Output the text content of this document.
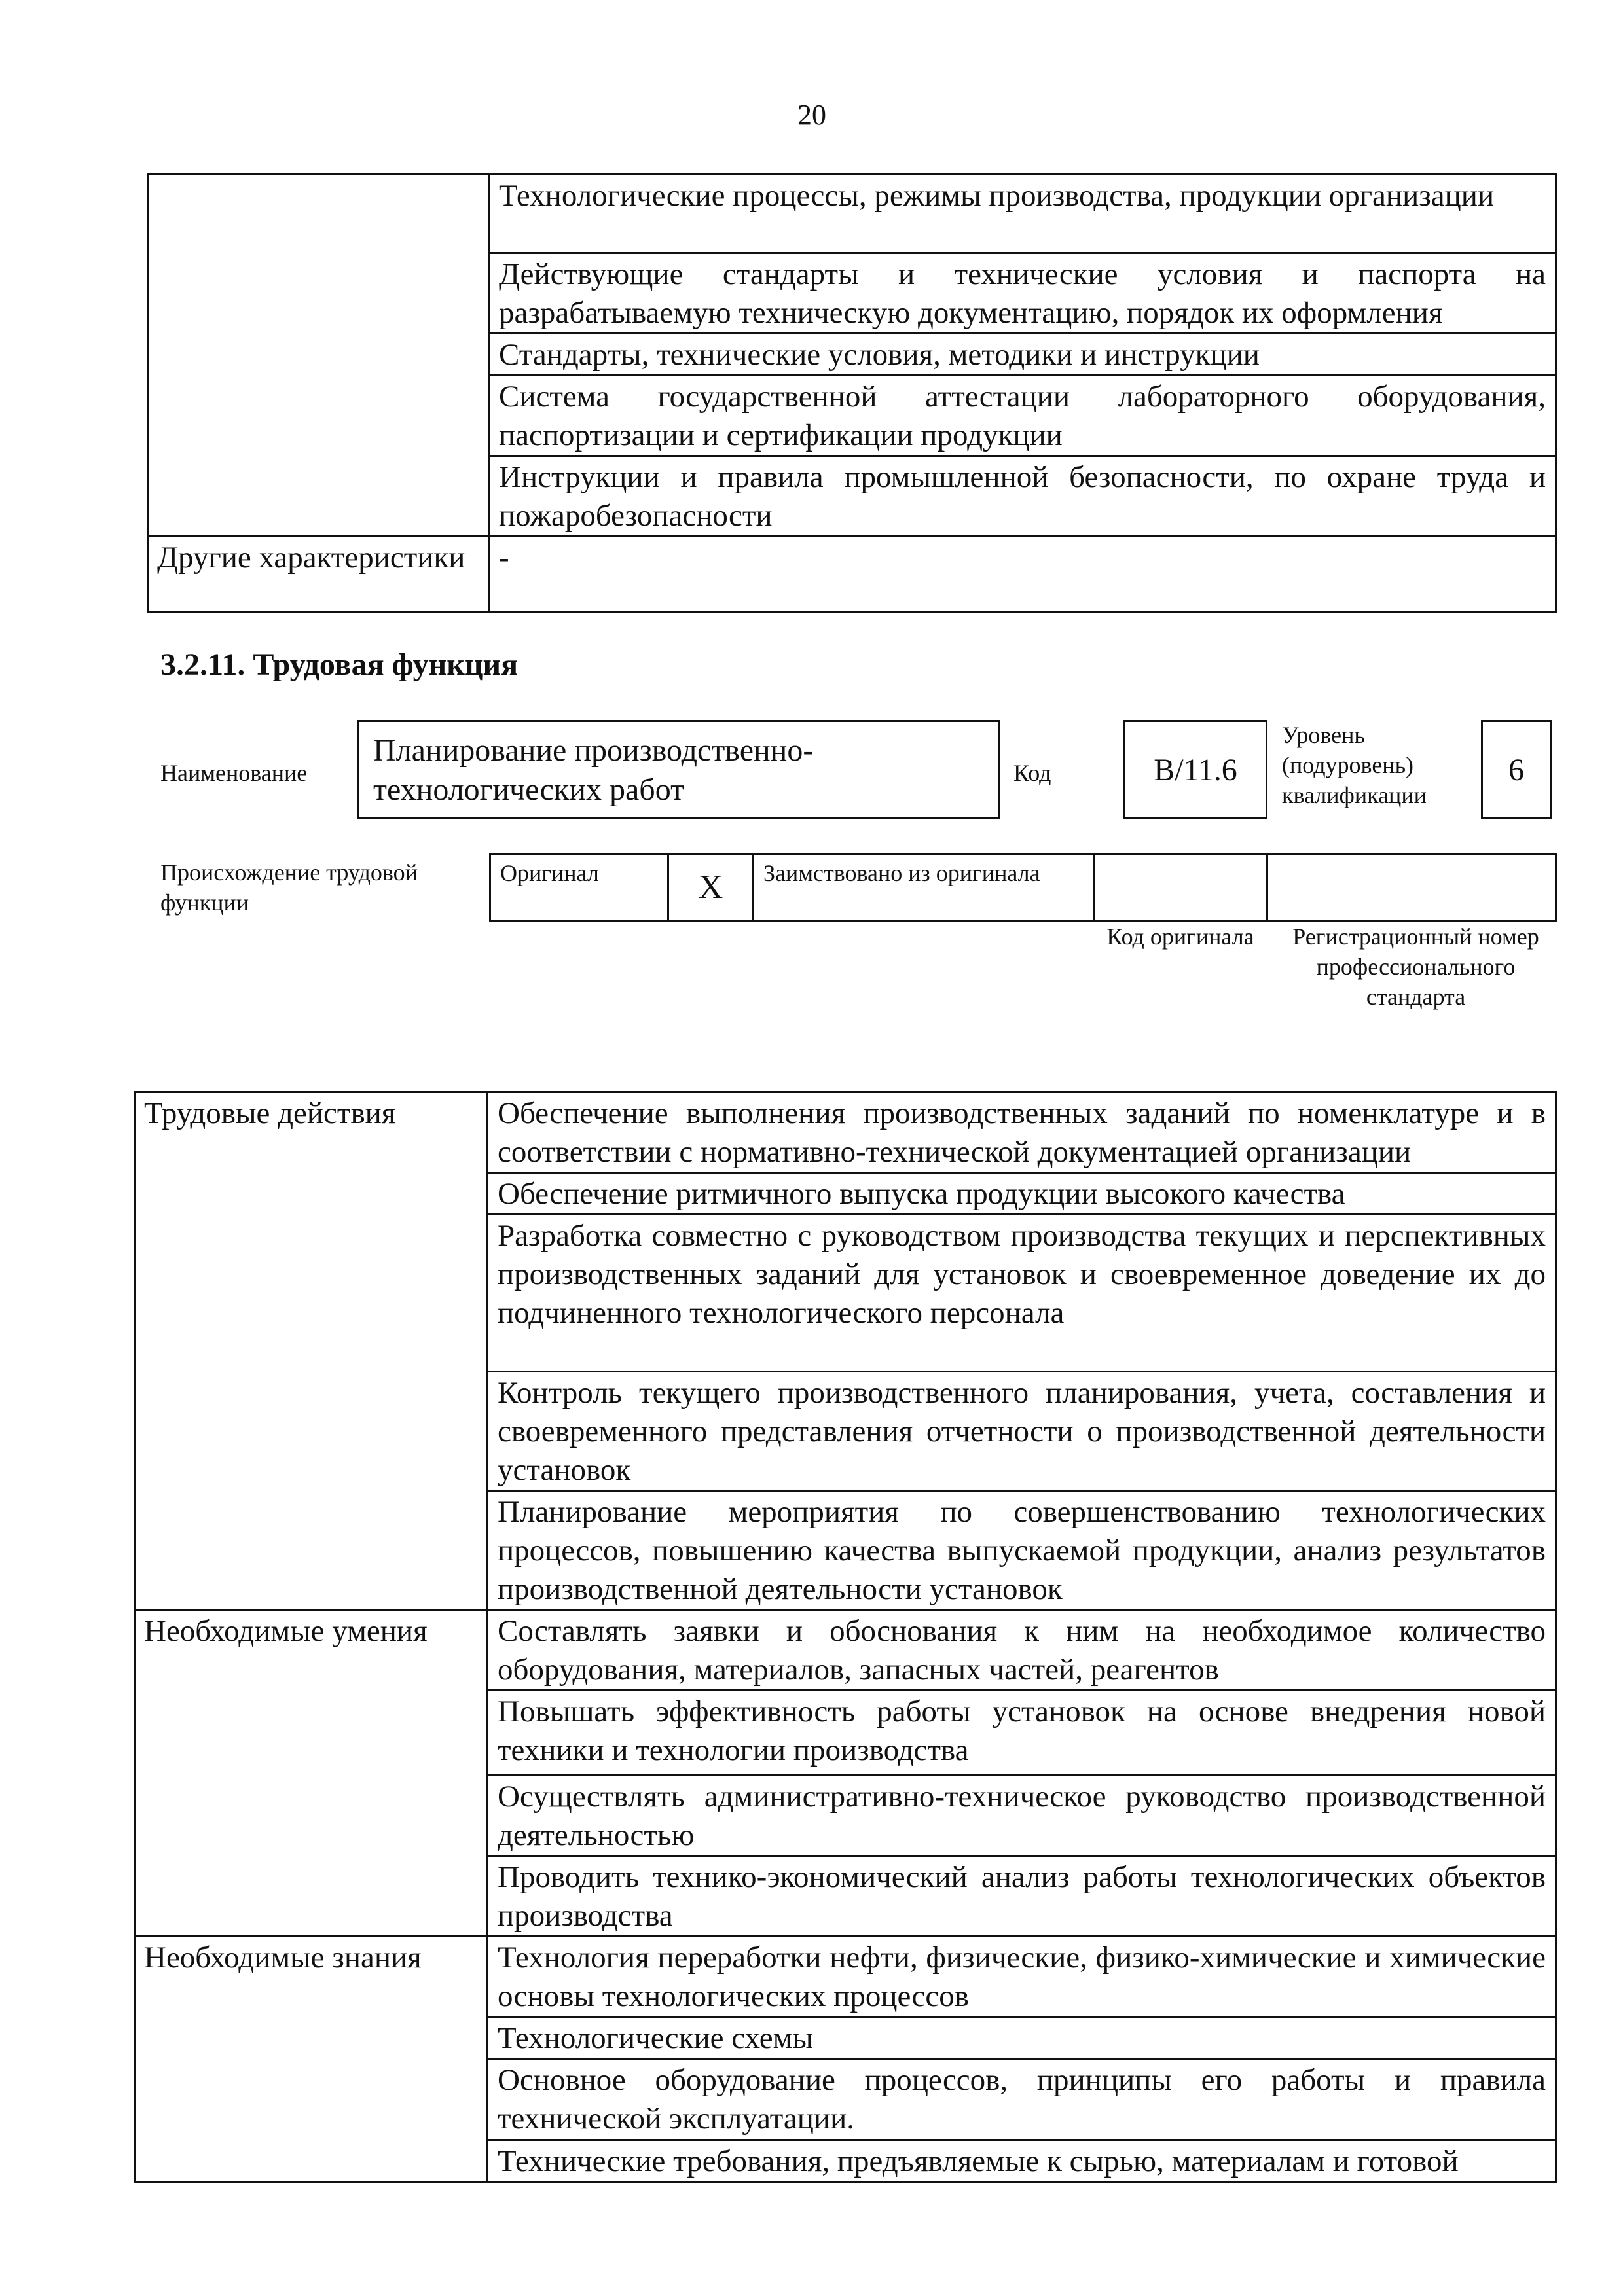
20
	Технологические процессы, режимы производства, продукции организации
	Действующие стандарты и технические условия и паспорта на разрабатываемую техническую документацию, порядок их оформления
	Стандарты, технические условия, методики и инструкции
	Система государственной аттестации лабораторного оборудования, паспортизации и сертификации продукции
	Инструкции и правила промышленной безопасности, по охране труда и пожаробезопасности
Другие характеристики	-
3.2.11. Трудовая функция
Наименование
Планирование производственно-технологических работ	Код	В/11.6
Уровень (подуровень) квалификации
6
Происхождение трудовой функции
Оригинал	X	Заимствовано из оригинала		
Код оригинала	Регистрационный номер профессионального стандарта
Трудовые действия	Обеспечение выполнения производственных заданий по номенклатуре и в соответствии с нормативно-технической документацией организации
	Обеспечение ритмичного выпуска продукции высокого качества
	Разработка совместно с руководством производства текущих и перспективных производственных заданий для установок и своевременное доведение их до подчиненного технологического персонала
	Контроль текущего производственного планирования, учета, составления и своевременного представления отчетности о производственной деятельности установок
	Планирование мероприятия по совершенствованию технологических процессов, повышению качества выпускаемой продукции, анализ результатов производственной деятельности установок
Необходимые умения	Составлять заявки и обоснования к ним на необходимое количество оборудования, материалов, запасных частей, реагентов
	Повышать эффективность работы установок на основе внедрения новой техники и технологии производства
	Осуществлять административно-техническое руководство производственной деятельностью
	Проводить технико-экономический анализ работы технологических объектов производства
Необходимые знания	Технология переработки нефти, физические, физико-химические и химические основы технологических процессов
	Технологические схемы
	Основное оборудование процессов, принципы его работы и правила технической эксплуатации.
	Технические требования, предъявляемые к сырью, материалам и готовой
